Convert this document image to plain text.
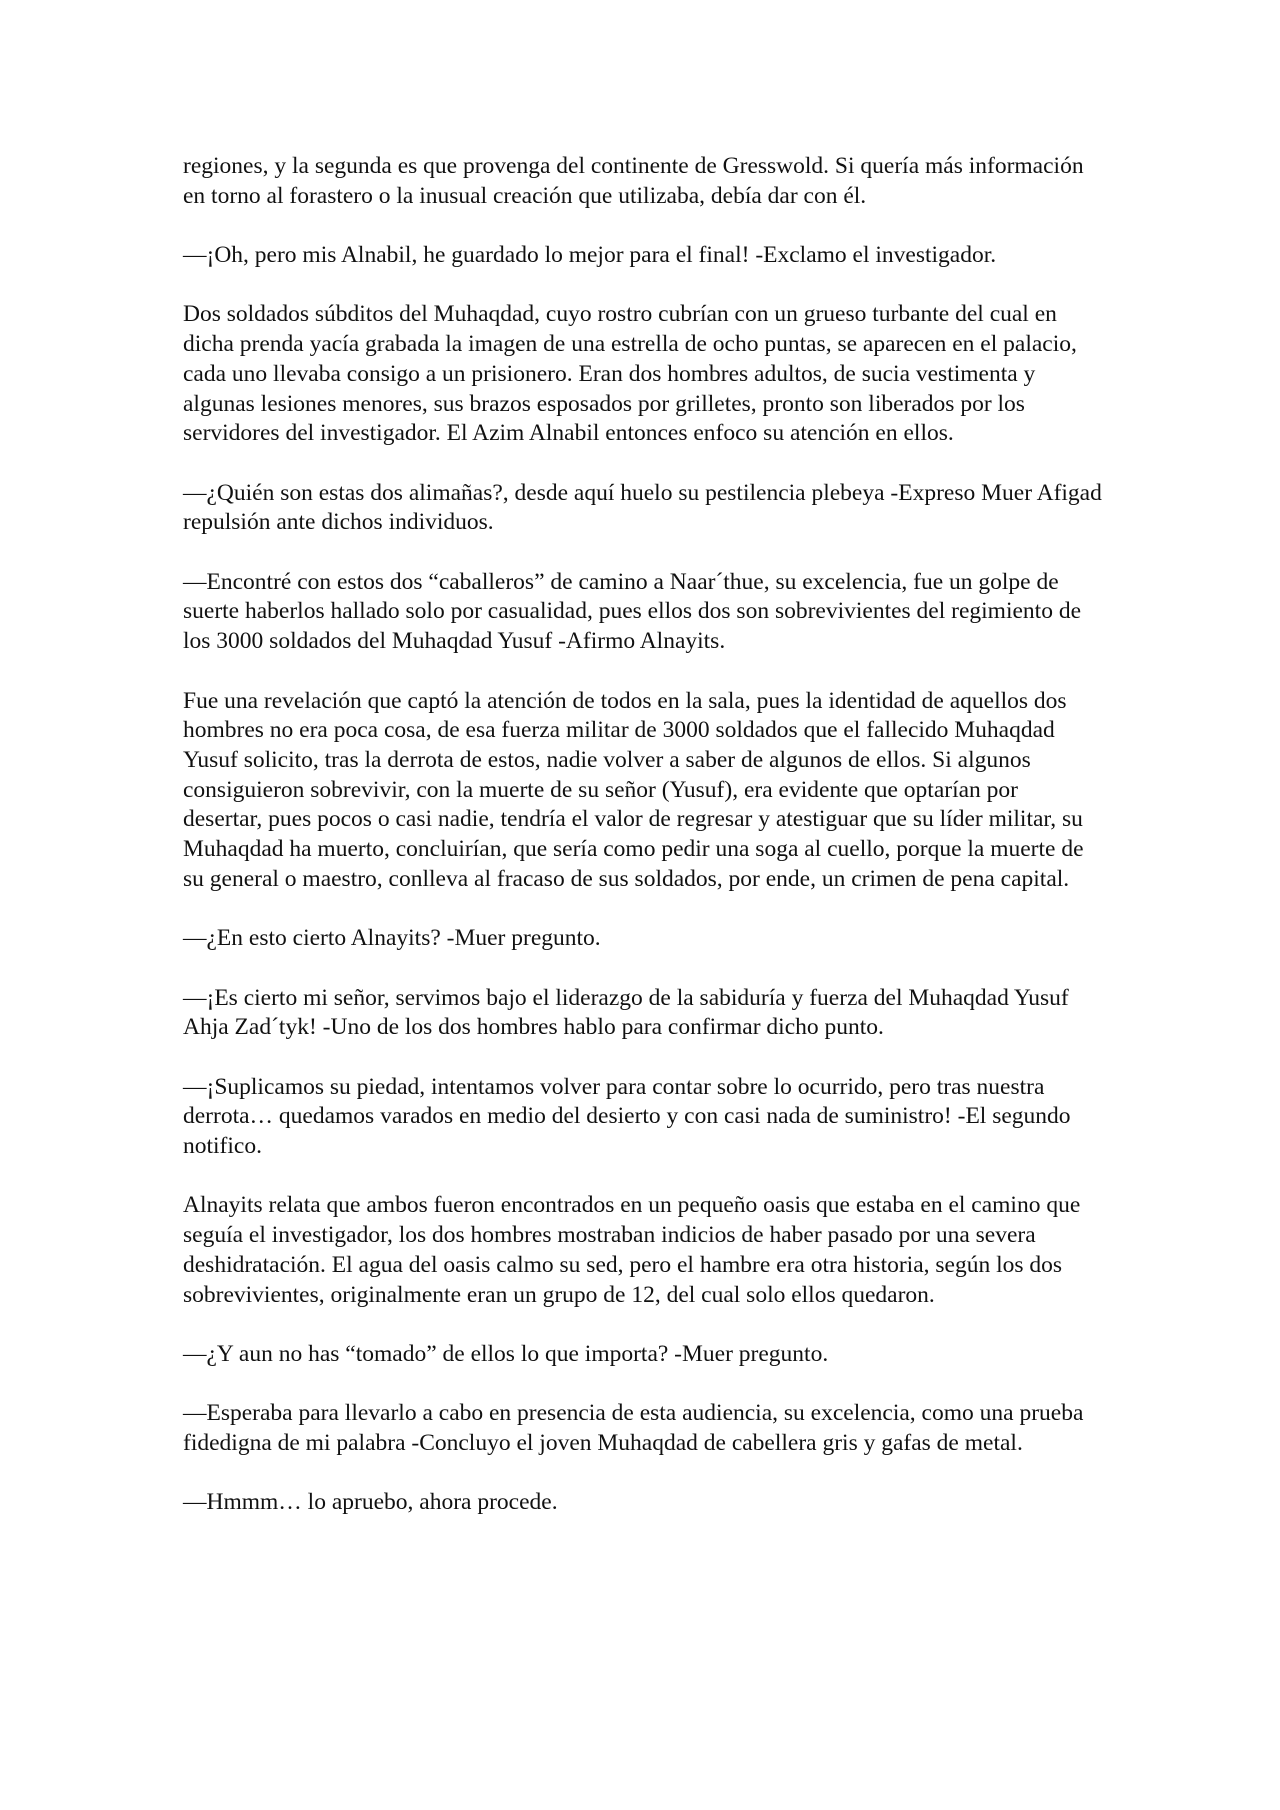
regiones, y la segunda es que provenga del continente de Gresswold. Si quería más información en torno al forastero o la inusual creación que utilizaba, debía dar con él.

—¡Oh, pero mis Alnabil, he guardado lo mejor para el final! -Exclamo el investigador.

Dos soldados súbditos del Muhaqdad, cuyo rostro cubrían con un grueso turbante del cual en dicha prenda yacía grabada la imagen de una estrella de ocho puntas, se aparecen en el palacio, cada uno llevaba consigo a un prisionero. Eran dos hombres adultos, de sucia vestimenta y algunas lesiones menores, sus brazos esposados por grilletes, pronto son liberados por los servidores del investigador. El Azim Alnabil entonces enfoco su atención en ellos.

—¿Quién son estas dos alimañas?, desde aquí huelo su pestilencia plebeya -Expreso Muer Afigad repulsión ante dichos individuos.

—Encontré con estos dos “caballeros” de camino a Naar´thue, su excelencia, fue un golpe de suerte haberlos hallado solo por casualidad, pues ellos dos son sobrevivientes del regimiento de los 3000 soldados del Muhaqdad Yusuf -Afirmo Alnayits.

Fue una revelación que captó la atención de todos en la sala, pues la identidad de aquellos dos hombres no era poca cosa, de esa fuerza militar de 3000 soldados que el fallecido Muhaqdad Yusuf solicito, tras la derrota de estos, nadie volver a saber de algunos de ellos. Si algunos consiguieron sobrevivir, con la muerte de su señor (Yusuf), era evidente que optarían por desertar, pues pocos o casi nadie, tendría el valor de regresar y atestiguar que su líder militar, su Muhaqdad ha muerto, concluirían, que sería como pedir una soga al cuello, porque la muerte de su general o maestro, conlleva al fracaso de sus soldados, por ende, un crimen de pena capital.

—¿En esto cierto Alnayits? -Muer pregunto.

—¡Es cierto mi señor, servimos bajo el liderazgo de la sabiduría y fuerza del Muhaqdad Yusuf Ahja Zad´tyk! -Uno de los dos hombres hablo para confirmar dicho punto.

—¡Suplicamos su piedad, intentamos volver para contar sobre lo ocurrido, pero tras nuestra derrota… quedamos varados en medio del desierto y con casi nada de suministro! -El segundo notifico.

Alnayits relata que ambos fueron encontrados en un pequeño oasis que estaba en el camino que seguía el investigador, los dos hombres mostraban indicios de haber pasado por una severa deshidratación. El agua del oasis calmo su sed, pero el hambre era otra historia, según los dos sobrevivientes, originalmente eran un grupo de 12, del cual solo ellos quedaron.

—¿Y aun no has “tomado” de ellos lo que importa? -Muer pregunto.

—Esperaba para llevarlo a cabo en presencia de esta audiencia, su excelencia, como una prueba fidedigna de mi palabra -Concluyo el joven Muhaqdad de cabellera gris y gafas de metal.

—Hmmm… lo apruebo, ahora procede.
